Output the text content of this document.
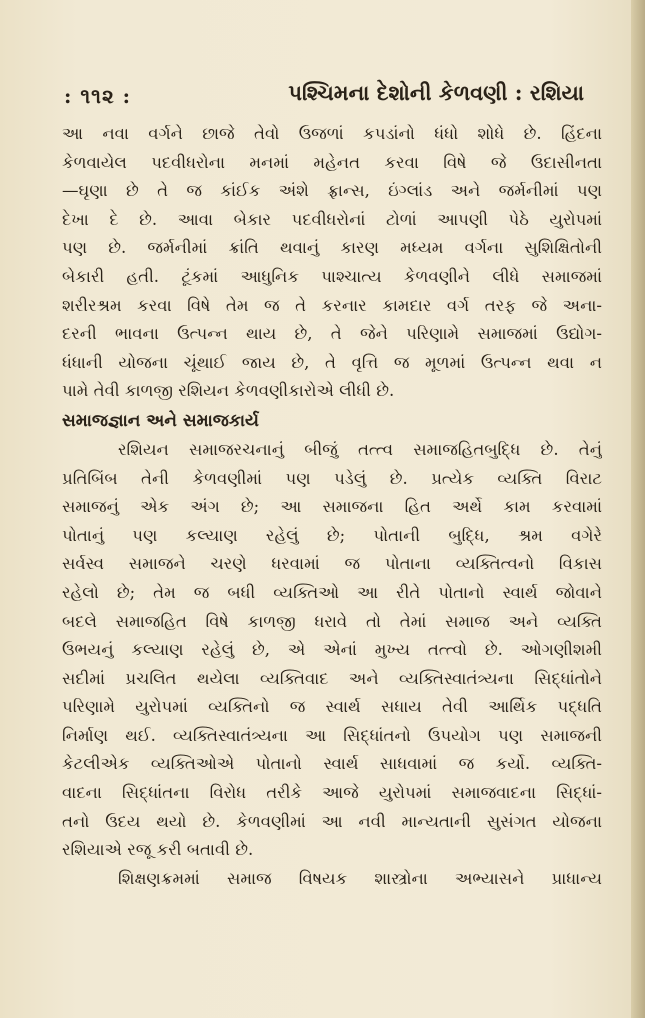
: ૧૧૨ :	પશ્ચિમના દેશોની કેળવણી : રશિયા
આ નવા વર્ગને છાજે તેવો ઉજળાં કપડાંનો ધંધો શોધે છે. હિંદના
કેળવાયેલ પદવીધરોના મનમાં મહેનત કરવા વિષે જે ઉદાસીનતા
—ઘૃણા છે તે જ કાંઈક અંશે ફ્રાન્સ, ઇંગ્લાંડ અને જર્મનીમાં પણ
દેખા દે છે. આવા બેકાર પદવીધરોનાં ટોળાં આપણી પેઠે યુરોપમાં
પણ છે. જર્મનીમાં ક્રાંતિ થવાનું કારણ મધ્યમ વર્ગના સુશિક્ષિતોની
બેકારી હતી. ટૂંકમાં આધુનિક પાશ્ચાત્ય કેળવણીને લીધે સમાજમાં
શરીરશ્રમ કરવા વિષે તેમ જ તે કરનાર કામદાર વર્ગ તરફ જે અના-
દરની ભાવના ઉત્પન્ન થાય છે, તે જેને પરિણામે સમાજમાં ઉદ્યોગ-
ધંધાની યોજના ચૂંથાઈ જાય છે, તે વૃત્તિ જ મૂળમાં ઉત્પન્ન થવા ન
પામે તેવી કાળજી રશિયન કેળવણીકારોએ લીધી છે.
સમાજજ્ઞાન અને સમાજકાર્ય
રશિયન સમાજરચનાનું બીજું તત્ત્વ સમાજહિતબુદ્ધિ છે. તેનું
પ્રતિબિંબ તેની કેળવણીમાં પણ પડેલું છે. પ્રત્યેક વ્યક્તિ વિરાટ
સમાજનું એક અંગ છે; આ સમાજના હિત અર્થે કામ કરવામાં
પોતાનું પણ કલ્યાણ રહેલું છે; પોતાની બુદ્ધિ, શ્રમ વગેરે
સર્વસ્વ સમાજને ચરણે ધરવામાં જ પોતાના વ્યક્તિત્વનો વિકાસ
રહેલો છે; તેમ જ બધી વ્યક્તિઓ આ રીતે પોતાનો સ્વાર્થ જોવાને
બદલે સમાજહિત વિષે કાળજી ધરાવે તો તેમાં સમાજ અને વ્યક્તિ
ઉભયનું કલ્યાણ રહેલું છે, એ એનાં મુખ્ય તત્ત્વો છે. ઓગણીશમી
સદીમાં પ્રચલિત થયેલા વ્યક્તિવાદ અને વ્યક્તિસ્વાતંત્ર્યના સિદ્ધાંતોને
પરિણામે યુરોપમાં વ્યક્તિનો જ સ્વાર્થ સધાય તેવી આર્થિક પદ્ધતિ
નિર્માણ થઈ. વ્યક્તિસ્વાતંત્ર્યના આ સિદ્ધાંતનો ઉપયોગ પણ સમાજની
કેટલીએક વ્યક્તિઓએ પોતાનો સ્વાર્થ સાધવામાં જ કર્યો. વ્યક્તિ-
વાદના સિદ્ધાંતના વિરોધ તરીકે આજે યુરોપમાં સમાજવાદના સિદ્ધાં-
તનો ઉદય થયો છે. કેળવણીમાં આ નવી માન્યતાની સુસંગત યોજના
રશિયાએ રજૂ કરી બતાવી છે.
શિક્ષણક્રમમાં સમાજ વિષયક શાસ્ત્રોના અભ્યાસને પ્રાધાન્ય
